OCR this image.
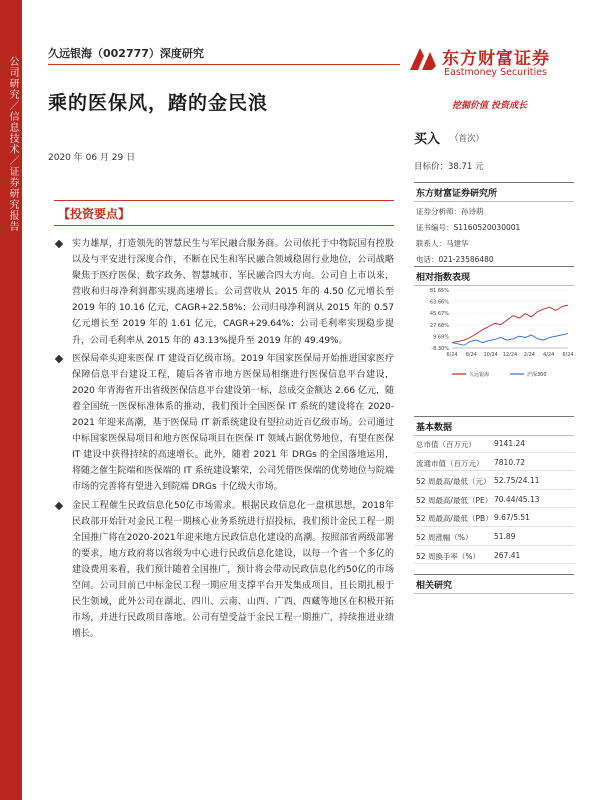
公司研究／信息技术／证券研究报告
久远银海（002777）深度研究
乘的医保风，踏的金民浪
2020 年 06 月 29 日
东方财富证券
Eastmoney Securities
挖掘价值 投资成长
【投资要点】
实力雄厚，打造领先的智慧民生与军民融合服务商。公司依托于中物院国有控股以及与平安进行深度合作，不断在民生和军民融合领域稳固行业地位，公司战略聚焦于医疗医保、数字政务、智慧城市、军民融合四大方向。公司自上市以来，营收和归母净利润都实现高速增长。公司营收从 2015 年的 4.50 亿元增长至 2019 年的 10.16 亿元，CAGR+22.58%；公司归母净利润从 2015 年的 0.57 亿元增长至 2019 年的 1.61 亿元，CAGR+29.64%；公司毛利率实现稳步提升，公司毛利率从 2015 年的 43.13%提升至 2019 年的 49.49%。
医保局牵头迎来医保 IT 建设百亿级市场。2019 年国家医保局开始推进国家医疗保障信息平台建设工程，随后各省市地方医保局相继进行医保信息平台建设，2020 年青海省开出省级医保信息平台建设第一标，总成交金额达 2.66 亿元，随着全国统一医保标准体系的推动，我们预计全国医保 IT 系统的建设将在 2020-2021 年迎来高潮，基于医保局 IT 新系统建设有望拉动近百亿级市场。公司通过中标国家医保局项目和地方医保局项目在医保 IT 领域占据优势地位，有望在医保 IT 建设中获得持续的高速增长。此外，随着 2021 年 DRGs 的全国落地运用，将随之催生院端和医保端的 IT 系统建设繁荣，公司凭借医保端的优势地位与院端市场的完善将有望进入到院端 DRGs 十亿级大市场。
金民工程催生民政信息化50亿市场需求。根据民政信息化一盘棋思想，2018年民政部开始针对金民工程一期核心业务系统进行招投标，我们预计金民工程一期全国推广将在2020-2021年迎来地方民政信息化建设的高潮。按照部省两级部署的要求，地方政府将以省级为中心进行民政信息化建设，以每一个省一个多亿的建设费用来看，我们预计随着全国推广，预计将会带动民政信息化约50亿的市场空间。公司目前已中标金民工程一期应用支撑平台开发集成项目，且长期扎根于民生领域，此外公司在湖北、四川、云南、山西、广西、西藏等地区在积极开拓市场，并进行民政项目落地。公司有望受益于金民工程一期推广，持续推进业绩增长。
买入 （首次）
目标价：38.71 元
东方财富证券研究所
证券分析师：孙诗萌
证书编号：S1160520030001
联系人：马建华
电话：021-23586480
相对指数表现
81.65%
63.66%
45.67%
27.68%
9.69%
-8.30%
6/24 8/24 10/24 12/24 2/24 4/24 6/24
久远银海	沪深300
基本数据
总市值（百万元） 9141.24
流通市值（百万元） 7810.72
52 周最高/最低（元） 52.75/24.11
52 周最高/最低（PE） 70.44/45.13
52 周最高/最低（PB） 9.67/5.51
52 周涨幅（%）	51.89
52 周换手率（%） 267.41
相关研究
